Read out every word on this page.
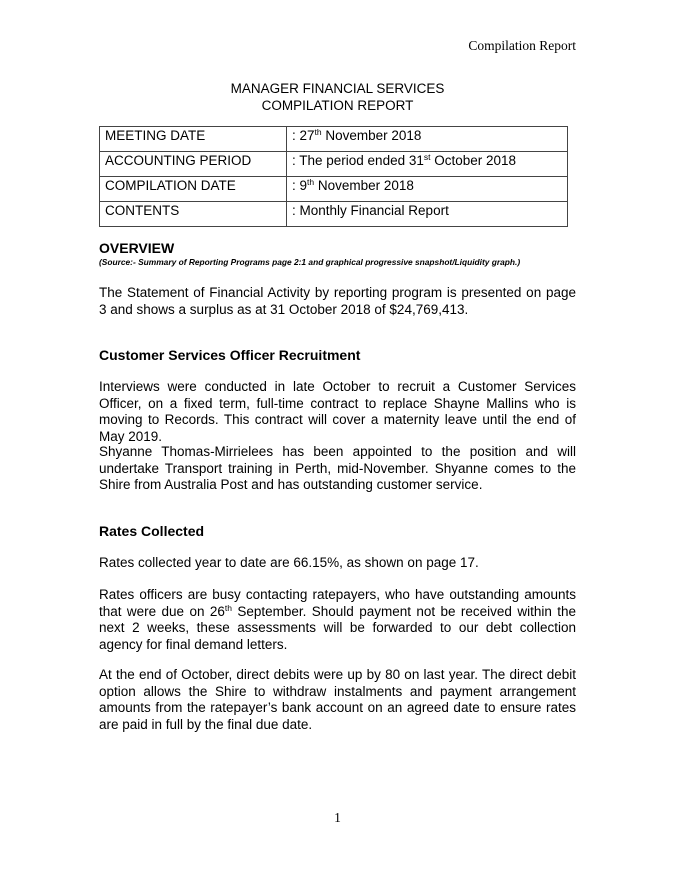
Compilation Report
MANAGER FINANCIAL SERVICES
COMPILATION REPORT
MEETING DATE	: 27th November 2018
ACCOUNTING PERIOD	: The period ended 31st October 2018
COMPILATION DATE	: 9th November 2018
CONTENTS	: Monthly Financial Report
OVERVIEW
(Source:- Summary of Reporting Programs page 2:1 and graphical progressive snapshot/Liquidity graph.)

The Statement of Financial Activity by reporting program is presented on page 3 and shows a surplus as at 31 October 2018 of $24,769,413.

Customer Services Officer Recruitment

Interviews were conducted in late October to recruit a Customer Services Officer, on a fixed term, full-time contract to replace Shayne Mallins who is moving to Records. This contract will cover a maternity leave until the end of May 2019.

Shyanne Thomas-Mirrielees has been appointed to the position and will undertake Transport training in Perth, mid-November. Shyanne comes to the Shire from Australia Post and has outstanding customer service.

Rates Collected

Rates collected year to date are 66.15%, as shown on page 17.

Rates officers are busy contacting ratepayers, who have outstanding amounts that were due on 26th September. Should payment not be received within the next 2 weeks, these assessments will be forwarded to our debt collection agency for final demand letters.

At the end of October, direct debits were up by 80 on last year. The direct debit option allows the Shire to withdraw instalments and payment arrangement amounts from the ratepayer’s bank account on an agreed date to ensure rates are paid in full by the final due date.

1
